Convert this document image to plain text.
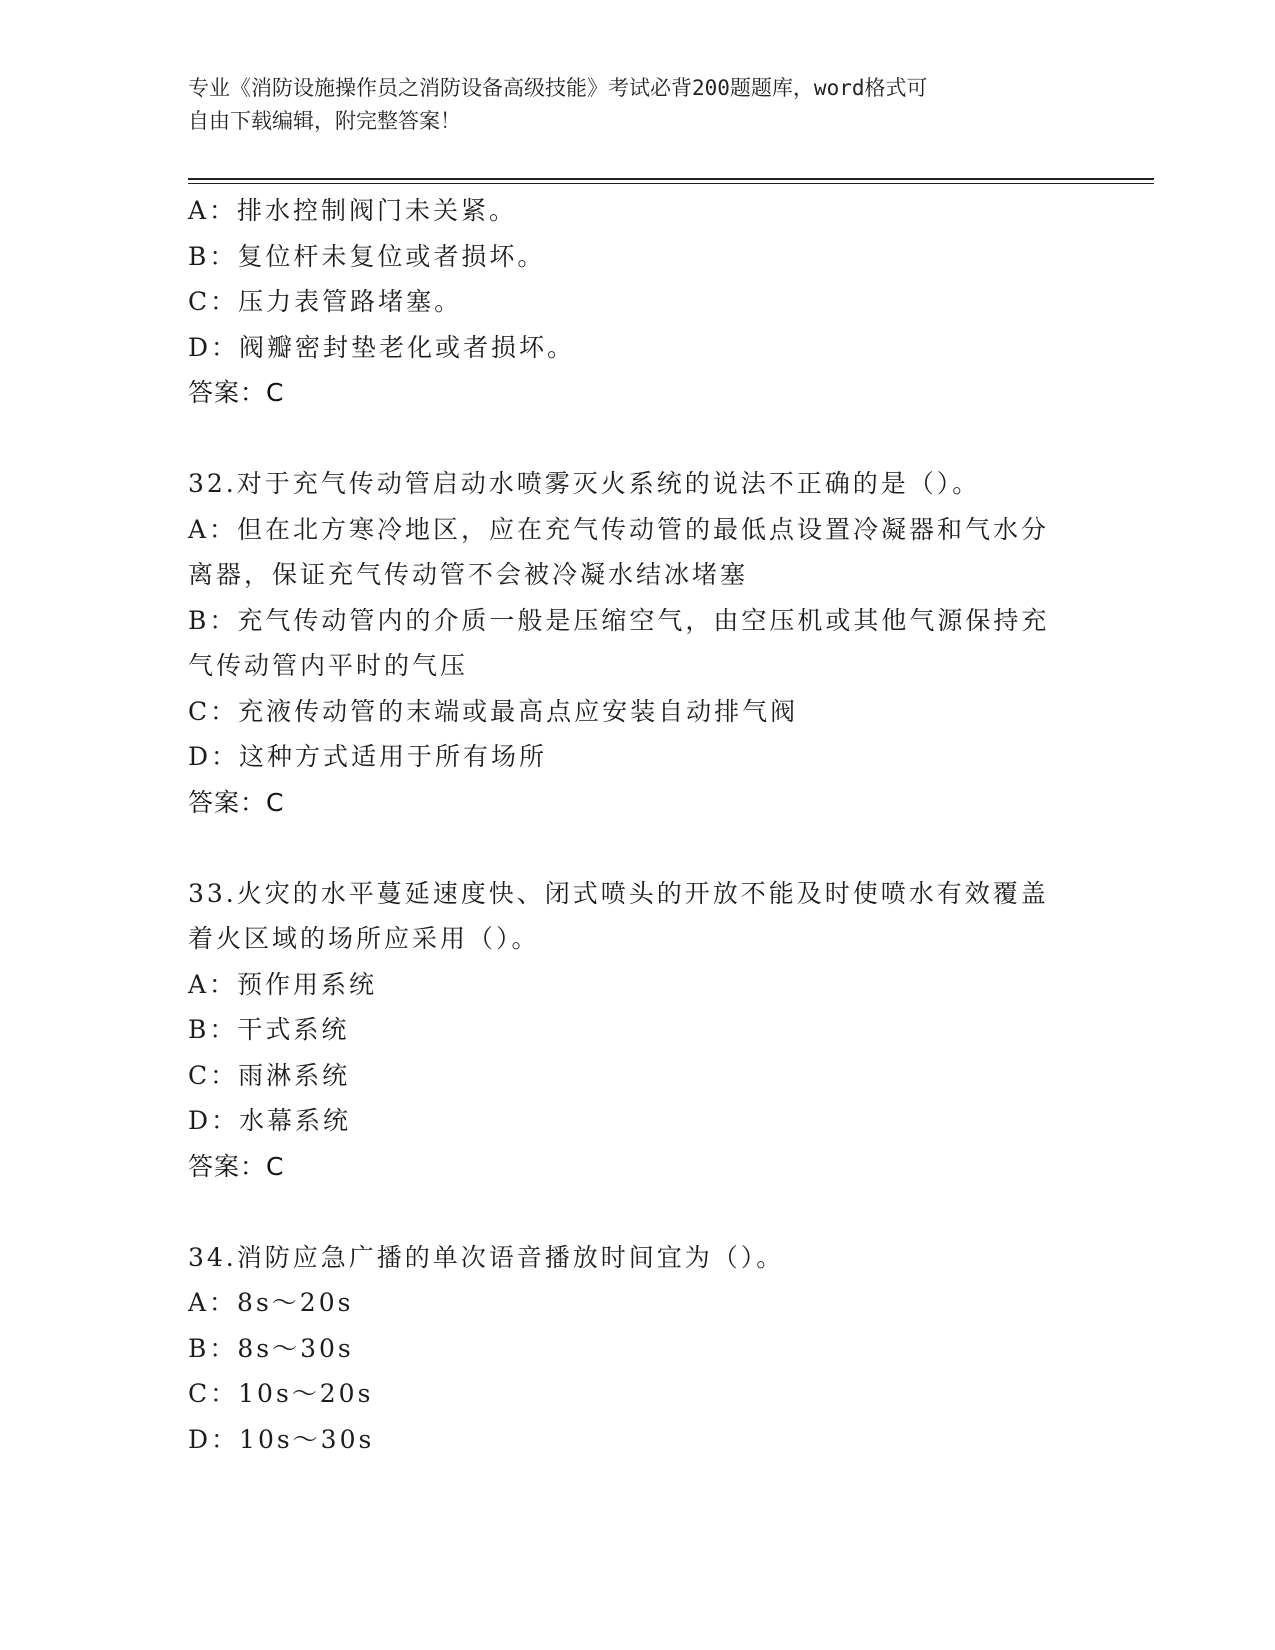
专业《消防设施操作员之消防设备高级技能》考试必背200题题库，word格式可
自由下载编辑，附完整答案！
A：排水控制阀门未关紧。
B：复位杆未复位或者损坏。
C：压力表管路堵塞。
D：阀瓣密封垫老化或者损坏。
答案：C
32.对于充气传动管启动水喷雾灭火系统的说法不正确的是（）。
A：但在北方寒冷地区，应在充气传动管的最低点设置冷凝器和气水分
离器，保证充气传动管不会被冷凝水结冰堵塞
B：充气传动管内的介质一般是压缩空气，由空压机或其他气源保持充
气传动管内平时的气压
C：充液传动管的末端或最高点应安装自动排气阀
D：这种方式适用于所有场所
答案：C
33.火灾的水平蔓延速度快、闭式喷头的开放不能及时使喷水有效覆盖
着火区域的场所应采用（）。
A：预作用系统
B：干式系统
C：雨淋系统
D：水幕系统
答案：C
34.消防应急广播的单次语音播放时间宜为（）。
A：8s～20s
B：8s～30s
C：10s～20s
D：10s～30s
